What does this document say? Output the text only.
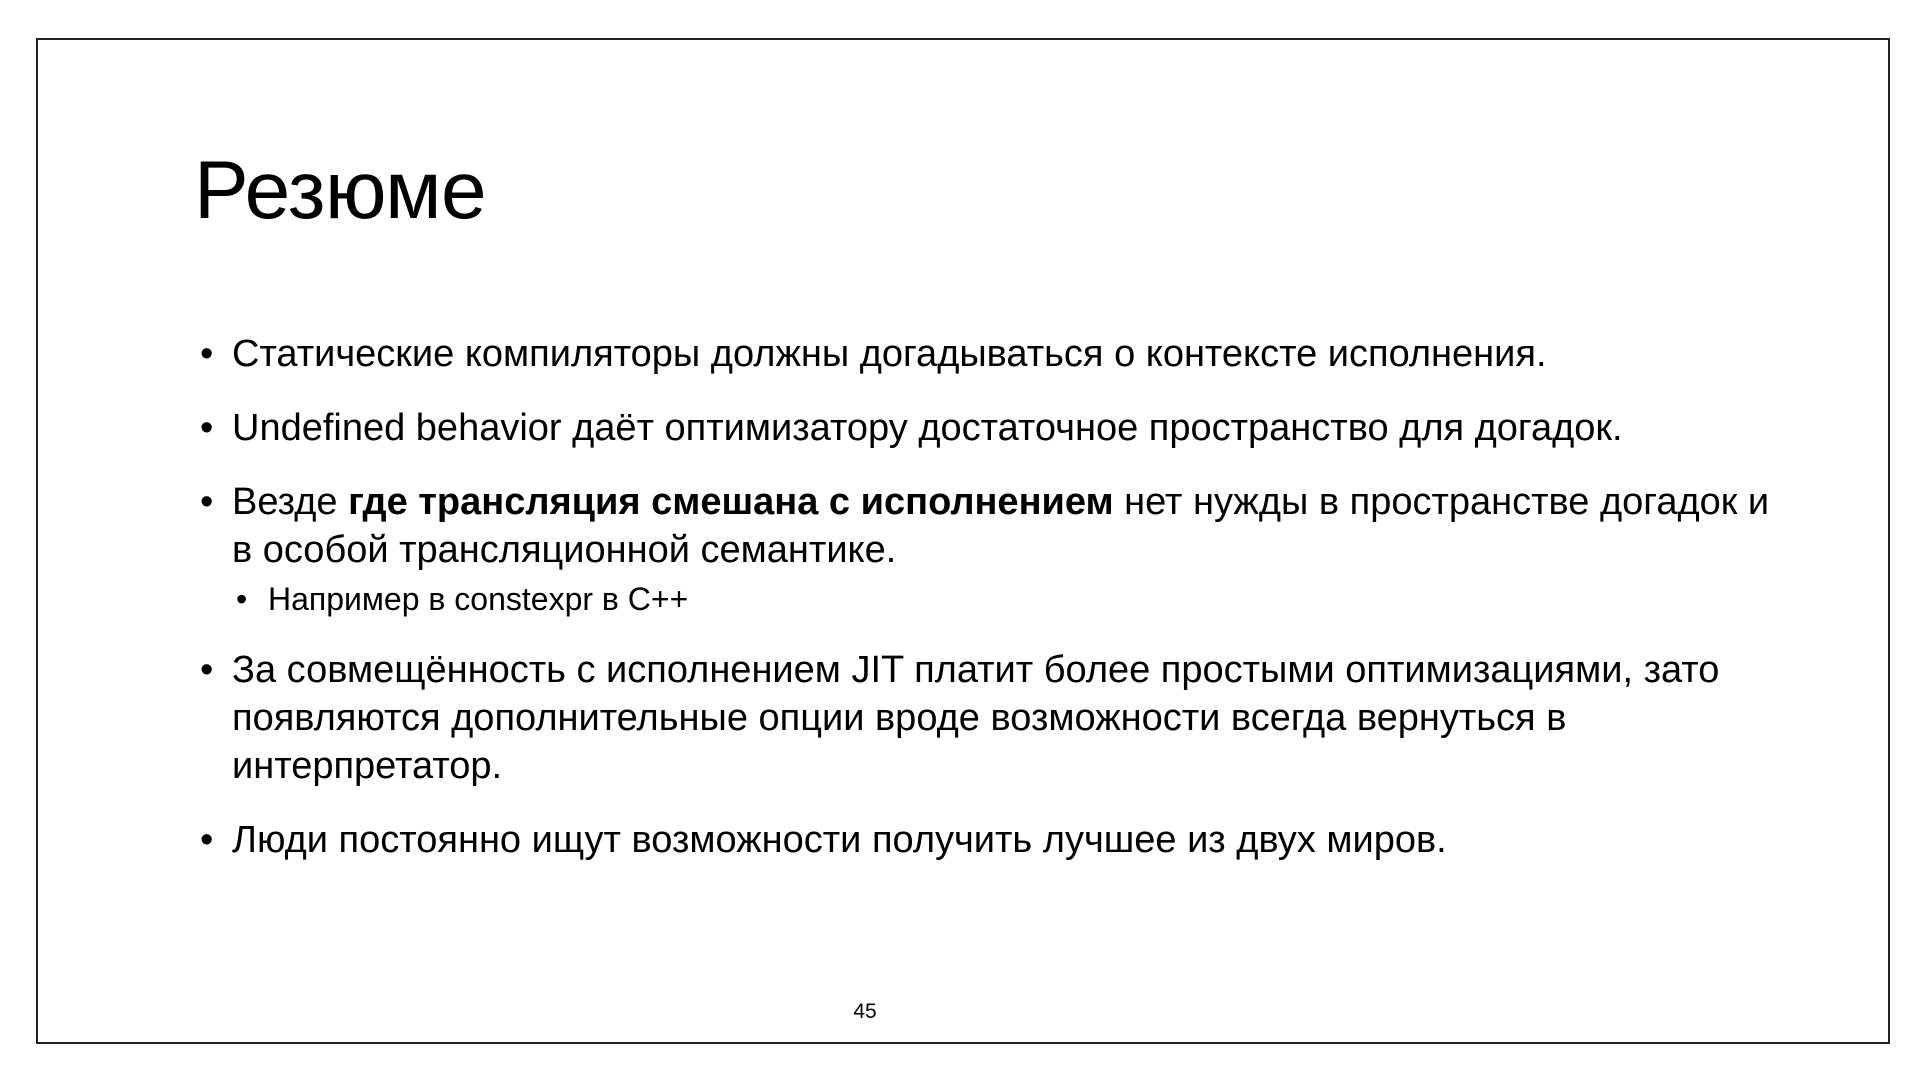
Резюме
• Статические компиляторы должны догадываться о контексте исполнения.
• Undefined behavior даёт оптимизатору достаточное пространство для догадок.
• Везде где трансляция смешана с исполнением нет нужды в пространстве догадок и в особой трансляционной семантике.
• Например в constexpr в C++
• За совмещённость с исполнением JIT платит более простыми оптимизациями, зато появляются дополнительные опции вроде возможности всегда вернуться в интерпретатор.
• Люди постоянно ищут возможности получить лучшее из двух миров.
45
